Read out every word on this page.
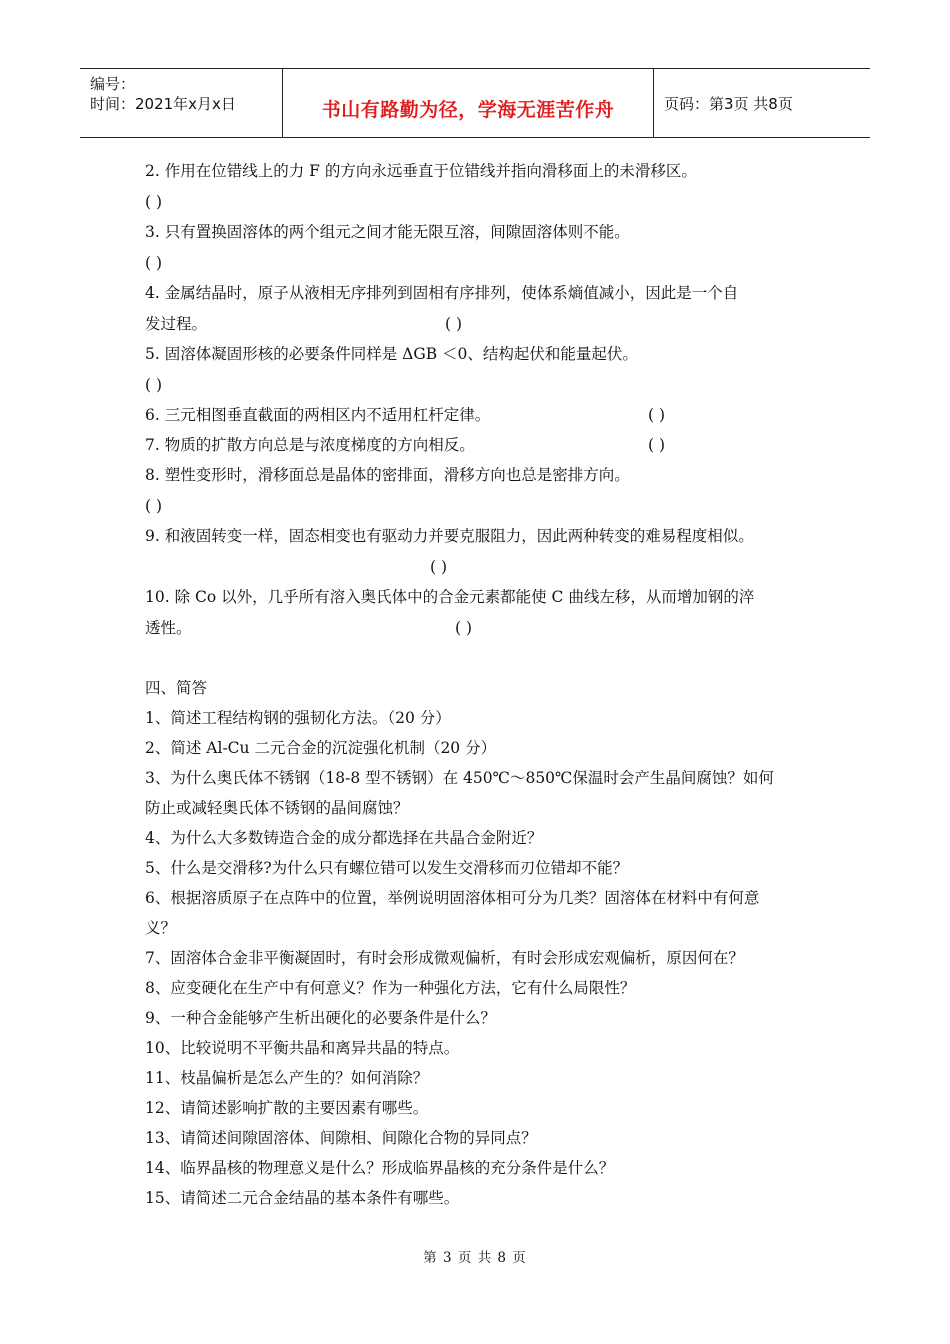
编号：
时间：2021年x月x日	书山有路勤为径，学海无涯苦作舟	页码：第3页 共8页
2. 作用在位错线上的力 F 的方向永远垂直于位错线并指向滑移面上的未滑移区。
( )
3. 只有置换固溶体的两个组元之间才能无限互溶，间隙固溶体则不能。
( )
4. 金属结晶时，原子从液相无序排列到固相有序排列，使体系熵值减小，因此是一个自
发过程。	( )
5. 固溶体凝固形核的必要条件同样是 ΔGB ＜0、结构起伏和能量起伏。
( )
6. 三元相图垂直截面的两相区内不适用杠杆定律。	( )
7. 物质的扩散方向总是与浓度梯度的方向相反。	( )
8. 塑性变形时，滑移面总是晶体的密排面，滑移方向也总是密排方向。
( )
9. 和液固转变一样，固态相变也有驱动力并要克服阻力，因此两种转变的难易程度相似。
( )
10. 除 Co 以外，几乎所有溶入奥氏体中的合金元素都能使 C 曲线左移，从而增加钢的淬
透性。	( )
四、简答
1、简述工程结构钢的强韧化方法。（20 分）
2、简述 Al-Cu 二元合金的沉淀强化机制（20 分）
3、为什么奥氏体不锈钢（18-8 型不锈钢）在 450℃～850℃保温时会产生晶间腐蚀？如何
防止或减轻奥氏体不锈钢的晶间腐蚀？
4、为什么大多数铸造合金的成分都选择在共晶合金附近？
5、什么是交滑移?为什么只有螺位错可以发生交滑移而刃位错却不能？
6、根据溶质原子在点阵中的位置，举例说明固溶体相可分为几类？固溶体在材料中有何意
义？
7、固溶体合金非平衡凝固时，有时会形成微观偏析，有时会形成宏观偏析，原因何在？
8、应变硬化在生产中有何意义？作为一种强化方法，它有什么局限性？
9、一种合金能够产生析出硬化的必要条件是什么？
10、比较说明不平衡共晶和离异共晶的特点。
11、枝晶偏析是怎么产生的？如何消除？
12、请简述影响扩散的主要因素有哪些。
13、请简述间隙固溶体、间隙相、间隙化合物的异同点？
14、临界晶核的物理意义是什么？形成临界晶核的充分条件是什么？
15、请简述二元合金结晶的基本条件有哪些。
第 3 页 共 8 页
